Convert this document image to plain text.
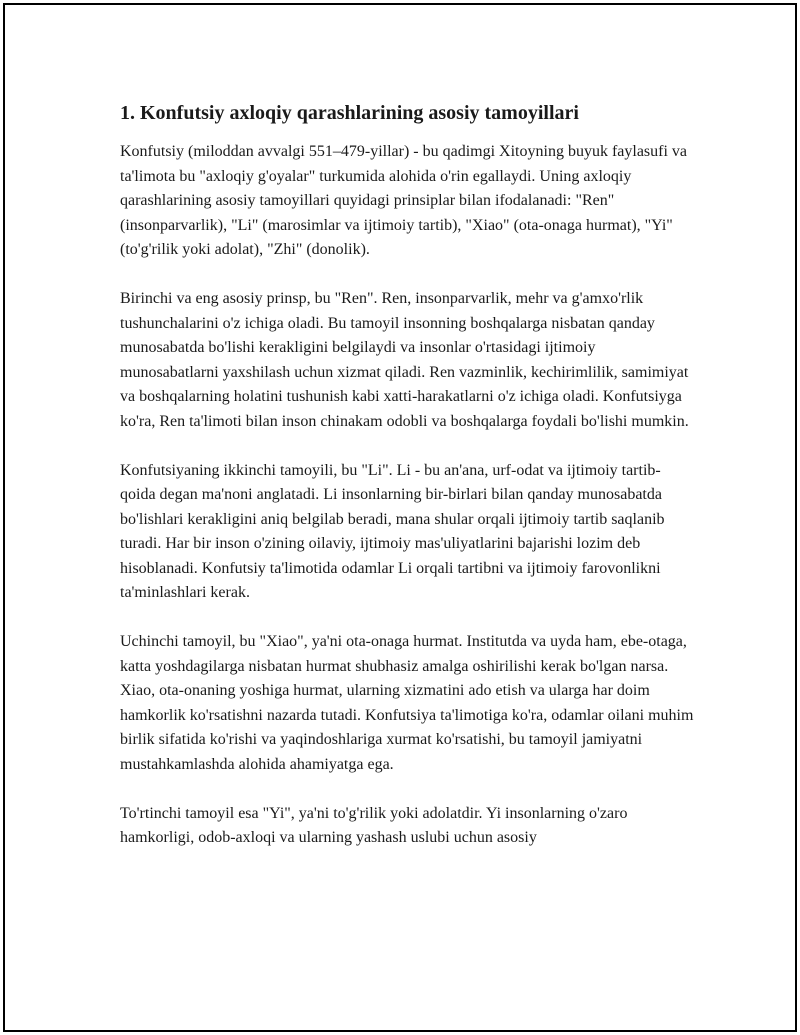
1. Konfutsiy axloqiy qarashlarining asosiy tamoyillari

Konfutsiy (miloddan avvalgi 551–479-yillar) - bu qadimgi Xitoyning buyuk faylasufi va ta'limota bu "axloqiy g'oyalar" turkumida alohida o'rin egallaydi. Uning axloqiy qarashlarining asosiy tamoyillari quyidagi prinsiplar bilan ifodalanadi: "Ren" (insonparvarlik), "Li" (marosimlar va ijtimoiy tartib), "Xiao" (ota-onaga hurmat), "Yi" (to'g'rilik yoki adolat), "Zhi" (donolik).

Birinchi va eng asosiy prinsp, bu "Ren". Ren, insonparvarlik, mehr va g'amxo'rlik tushunchalarini o'z ichiga oladi. Bu tamoyil insonning boshqalarga nisbatan qanday munosabatda bo'lishi kerakligini belgilaydi va insonlar o'rtasidagi ijtimoiy munosabatlarni yaxshilash uchun xizmat qiladi. Ren vazminlik, kechirimlilik, samimiyat va boshqalarning holatini tushunish kabi xatti-harakatlarni o'z ichiga oladi. Konfutsiyga ko'ra, Ren ta'limoti bilan inson chinakam odobli va boshqalarga foydali bo'lishi mumkin.

Konfutsiyaning ikkinchi tamoyili, bu "Li". Li - bu an'ana, urf-odat va ijtimoiy tartib-qoida degan ma'noni anglatadi. Li insonlarning bir-birlari bilan qanday munosabatda bo'lishlari kerakligini aniq belgilab beradi, mana shular orqali ijtimoiy tartib saqlanib turadi. Har bir inson o'zining oilaviy, ijtimoiy mas'uliyatlarini bajarishi lozim deb hisoblanadi. Konfutsiy ta'limotida odamlar Li orqali tartibni va ijtimoiy farovonlikni ta'minlashlari kerak.

Uchinchi tamoyil, bu "Xiao", ya'ni ota-onaga hurmat. Institutda va uyda ham, ebe-otaga, katta yoshdagilarga nisbatan hurmat shubhasiz amalga oshirilishi kerak bo'lgan narsa. Xiao, ota-onaning yoshiga hurmat, ularning xizmatini ado etish va ularga har doim hamkorlik ko'rsatishni nazarda tutadi. Konfutsiya ta'limotiga ko'ra, odamlar oilani muhim birlik sifatida ko'rishi va yaqindoshlariga xurmat ko'rsatishi, bu tamoyil jamiyatni mustahkamlashda alohida ahamiyatga ega.

To'rtinchi tamoyil esa "Yi", ya'ni to'g'rilik yoki adolatdir. Yi insonlarning o'zaro hamkorligi, odob-axloqi va ularning yashash uslubi uchun asosiy
